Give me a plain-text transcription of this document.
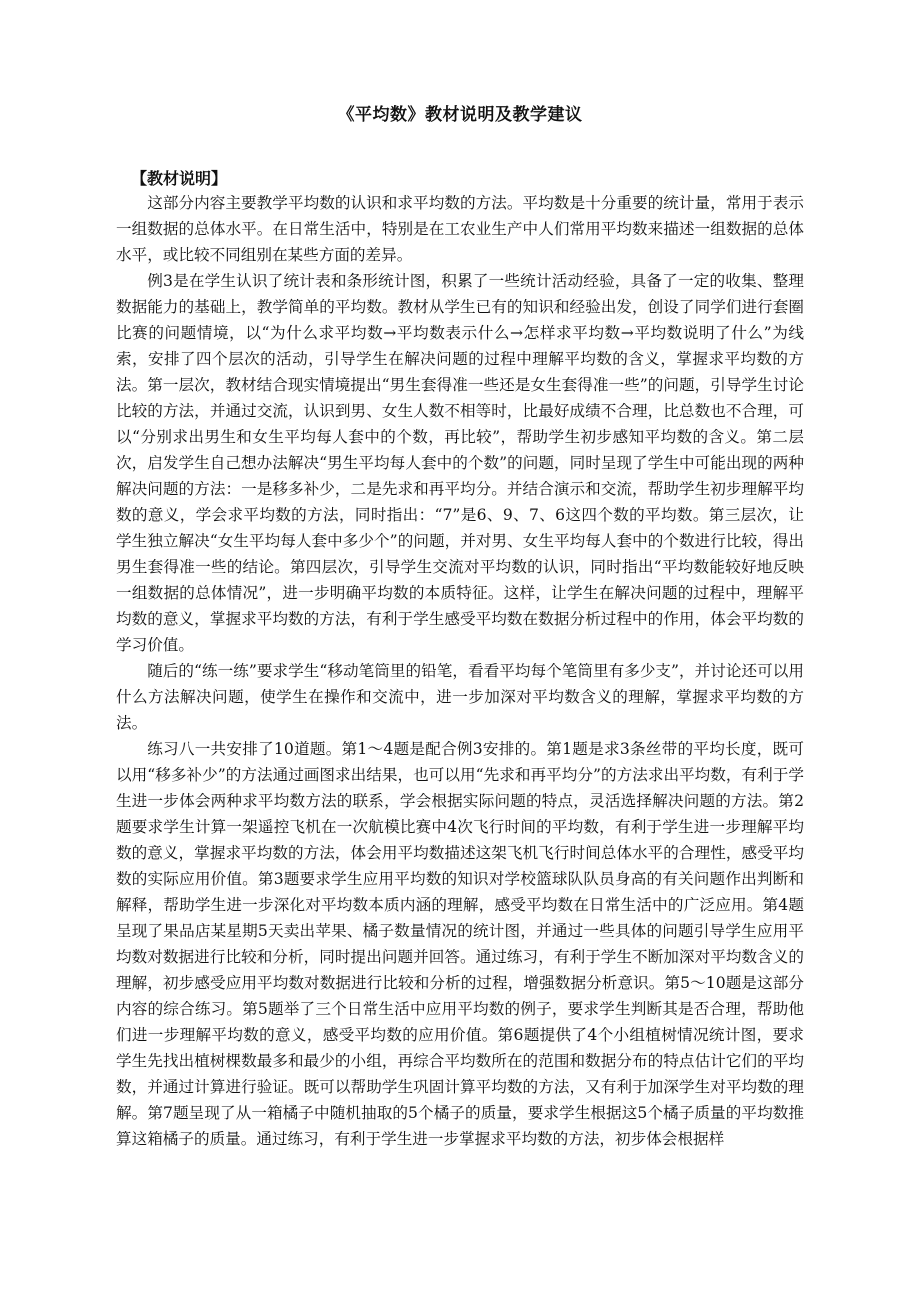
《平均数》教材说明及教学建议
【教材说明】

这部分内容主要教学平均数的认识和求平均数的方法。平均数是十分重要的统计量，常用于表示一组数据的总体水平。在日常生活中，特别是在工农业生产中人们常用平均数来描述一组数据的总体水平，或比较不同组别在某些方面的差异。

例3是在学生认识了统计表和条形统计图，积累了一些统计活动经验，具备了一定的收集、整理数据能力的基础上，教学简单的平均数。教材从学生已有的知识和经验出发，创设了同学们进行套圈比赛的问题情境，以“为什么求平均数→平均数表示什么→怎样求平均数→平均数说明了什么”为线索，安排了四个层次的活动，引导学生在解决问题的过程中理解平均数的含义，掌握求平均数的方法。第一层次，教材结合现实情境提出“男生套得准一些还是女生套得准一些”的问题，引导学生讨论比较的方法，并通过交流，认识到男、女生人数不相等时，比最好成绩不合理，比总数也不合理，可以“分别求出男生和女生平均每人套中的个数，再比较”，帮助学生初步感知平均数的含义。第二层次，启发学生自己想办法解决“男生平均每人套中的个数”的问题，同时呈现了学生中可能出现的两种解决问题的方法：一是移多补少，二是先求和再平均分。并结合演示和交流，帮助学生初步理解平均数的意义，学会求平均数的方法，同时指出：“7”是6、9、7、6这四个数的平均数。第三层次，让学生独立解决“女生平均每人套中多少个”的问题，并对男、女生平均每人套中的个数进行比较，得出男生套得准一些的结论。第四层次，引导学生交流对平均数的认识，同时指出“平均数能较好地反映一组数据的总体情况”，进一步明确平均数的本质特征。这样，让学生在解决问题的过程中，理解平均数的意义，掌握求平均数的方法，有利于学生感受平均数在数据分析过程中的作用，体会平均数的学习价值。

随后的“练一练”要求学生“移动笔筒里的铅笔，看看平均每个笔筒里有多少支”，并讨论还可以用什么方法解决问题，使学生在操作和交流中，进一步加深对平均数含义的理解，掌握求平均数的方法。

练习八一共安排了10道题。第1～4题是配合例3安排的。第1题是求3条丝带的平均长度，既可以用“移多补少”的方法通过画图求出结果，也可以用“先求和再平均分”的方法求出平均数，有利于学生进一步体会两种求平均数方法的联系，学会根据实际问题的特点，灵活选择解决问题的方法。第2题要求学生计算一架遥控飞机在一次航模比赛中4次飞行时间的平均数，有利于学生进一步理解平均数的意义，掌握求平均数的方法，体会用平均数描述这架飞机飞行时间总体水平的合理性，感受平均数的实际应用价值。第3题要求学生应用平均数的知识对学校篮球队队员身高的有关问题作出判断和解释，帮助学生进一步深化对平均数本质内涵的理解，感受平均数在日常生活中的广泛应用。第4题呈现了果品店某星期5天卖出苹果、橘子数量情况的统计图，并通过一些具体的问题引导学生应用平均数对数据进行比较和分析，同时提出问题并回答。通过练习，有利于学生不断加深对平均数含义的理解，初步感受应用平均数对数据进行比较和分析的过程，增强数据分析意识。第5～10题是这部分内容的综合练习。第5题举了三个日常生活中应用平均数的例子，要求学生判断其是否合理，帮助他们进一步理解平均数的意义，感受平均数的应用价值。第6题提供了4个小组植树情况统计图，要求学生先找出植树棵数最多和最少的小组，再综合平均数所在的范围和数据分布的特点估计它们的平均数，并通过计算进行验证。既可以帮助学生巩固计算平均数的方法，又有利于加深学生对平均数的理解。第7题呈现了从一箱橘子中随机抽取的5个橘子的质量，要求学生根据这5个橘子质量的平均数推算这箱橘子的质量。通过练习，有利于学生进一步掌握求平均数的方法，初步体会根据样
